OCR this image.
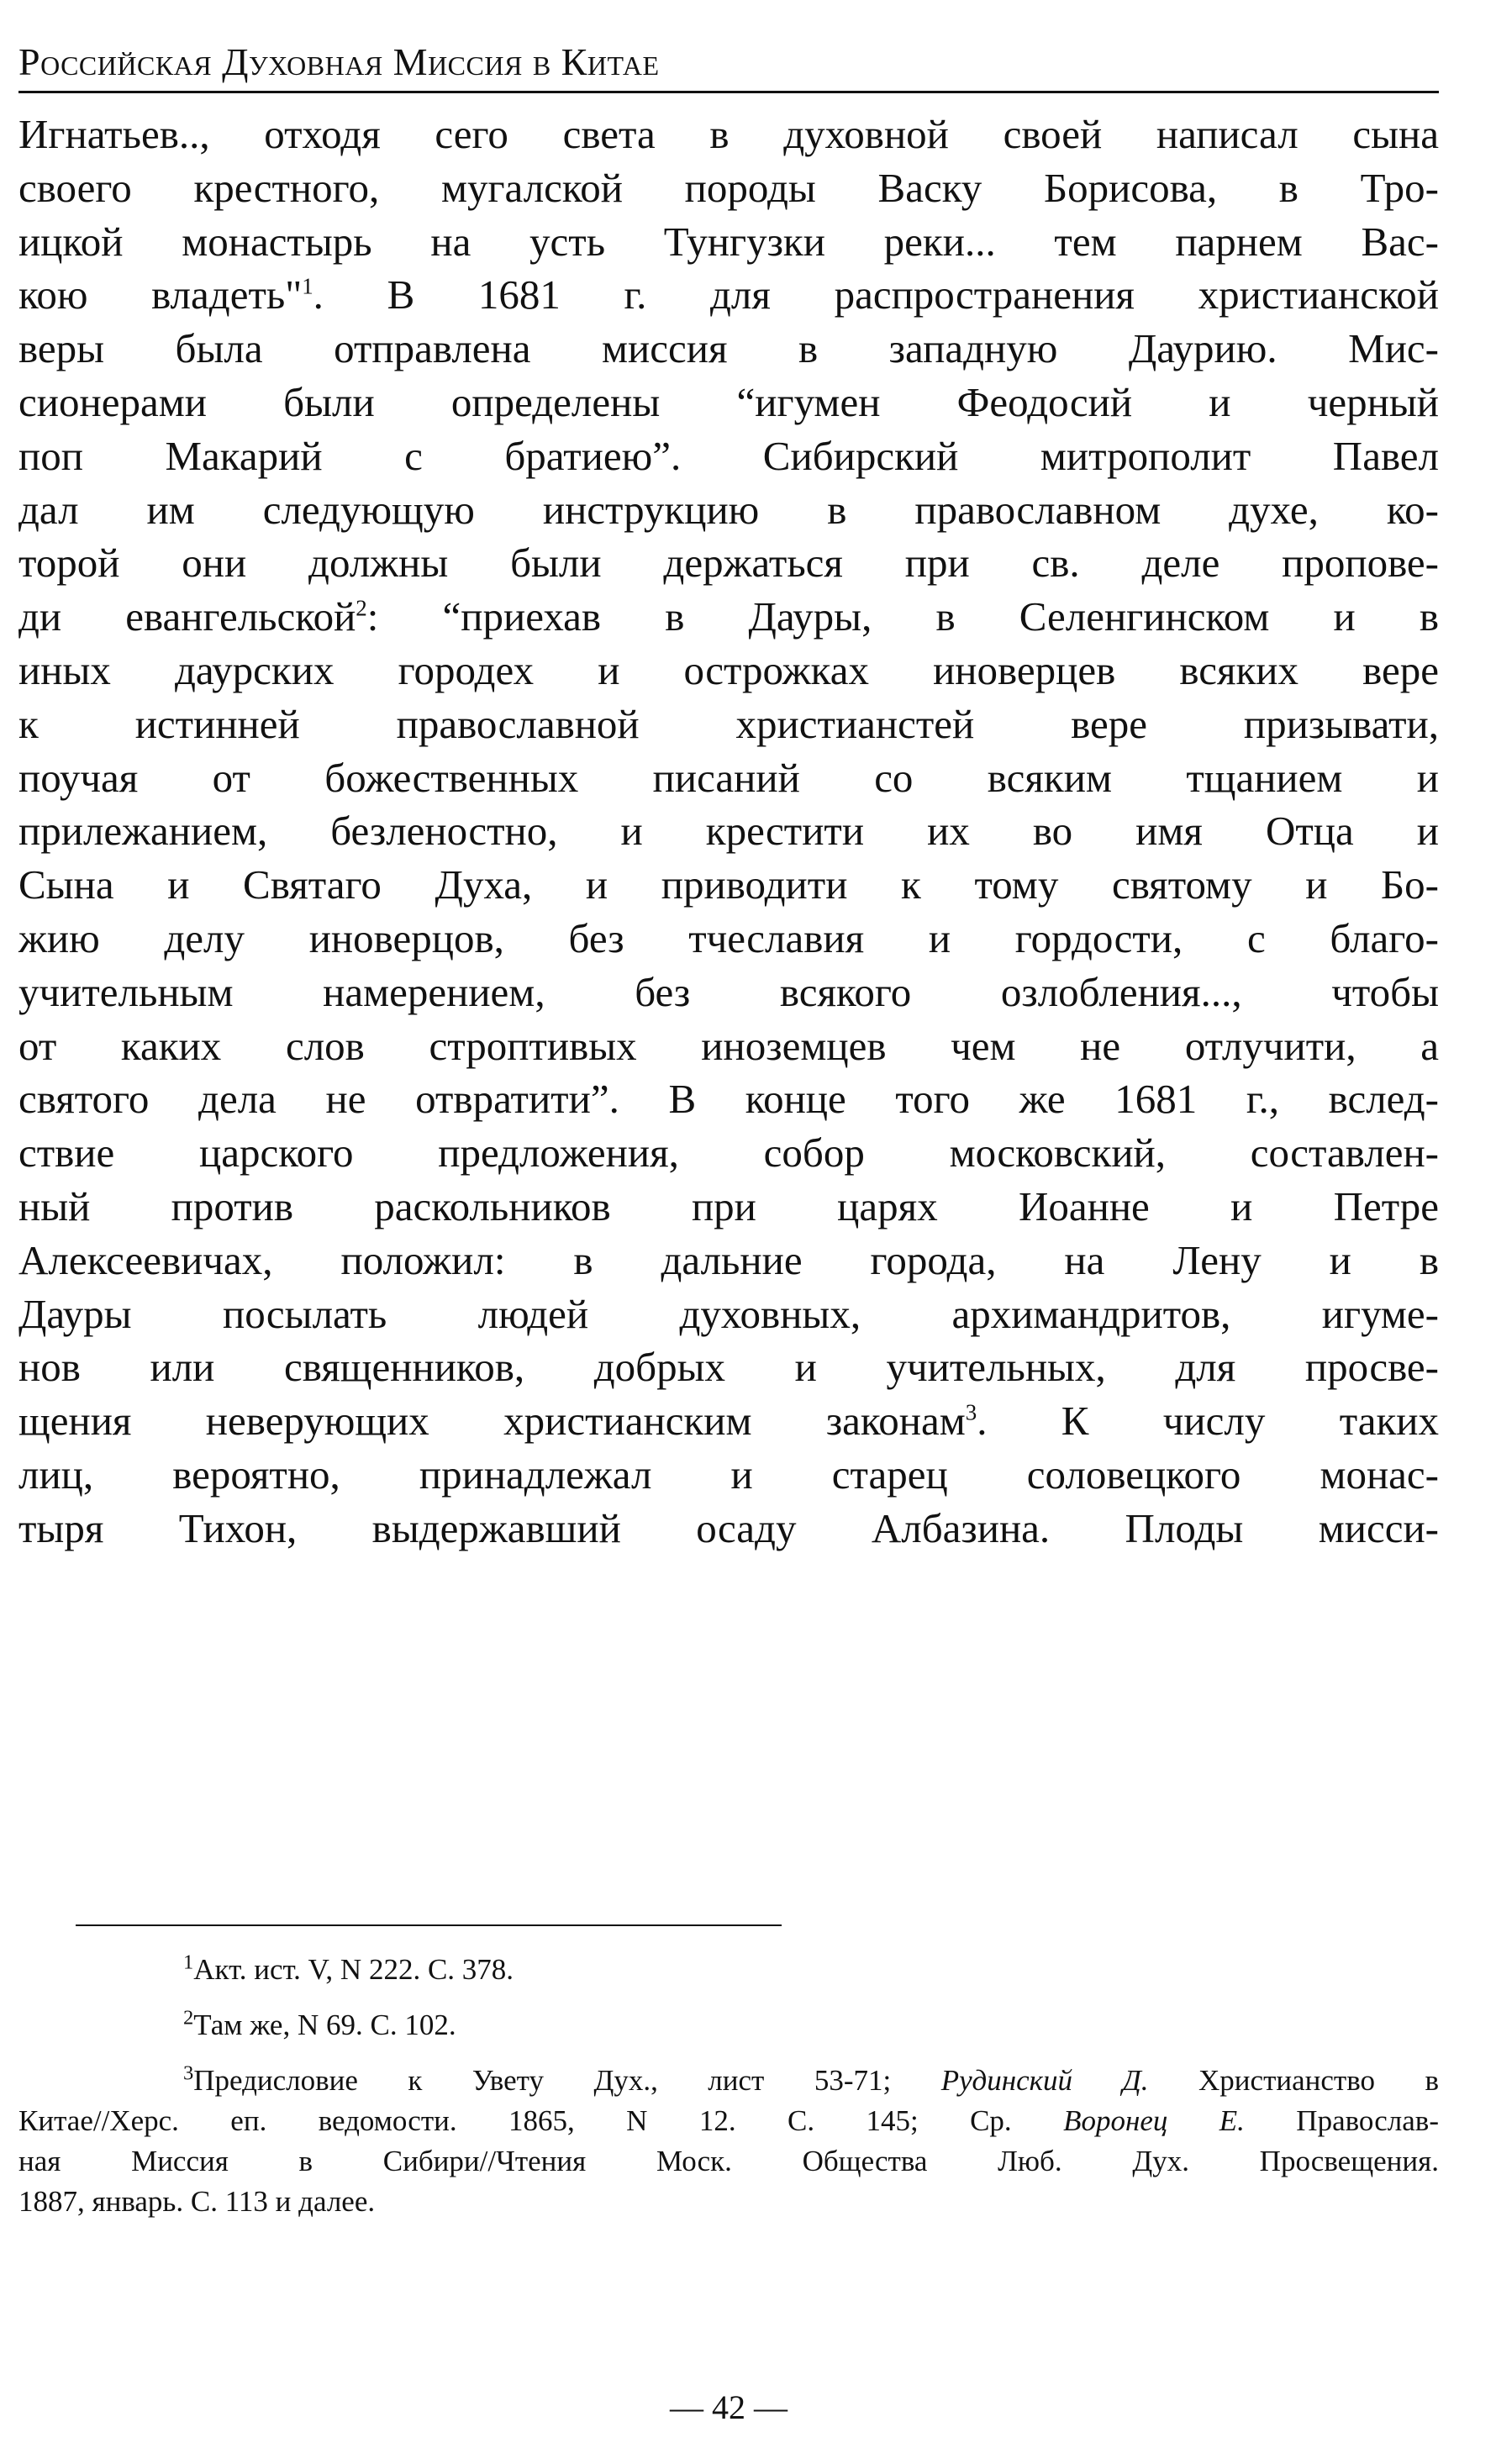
Российская Духовная Миссия в Китае
Игнатьев.., отходя сего света в духовной своей написал сына
своего крестного, мугалской породы Васку Борисова, в Тро-
ицкой монастырь на усть Тунгузки реки... тем парнем Вас-
кою владеть"$^1$. В 1681 г. для распространения христианской
веры была отправлена миссия в западную Даурию. Мис-
сионерами были определены “игумен Феодосий и черный
поп Макарий с братиею”. Сибирский митрополит Павел
дал им следующую инструкцию в православном духе, ко-
торой они должны были держаться при св. деле пропове-
ди евангельской$^2$: “приехав в Дауры, в Селенгинском и в
иных даурских городех и острожках иноверцев всяких вере
к истинней православной христианстей вере призывати,
поучая от божественных писаний со всяким тщанием и
прилежанием, безленостно, и крестити их во имя Отца и
Сына и Святаго Духа, и приводити к тому святому и Бо-
жию делу иноверцов, без тчеславия и гордости, с благо-
учительным намерением, без всякого озлобления..., чтобы
от каких слов строптивых иноземцев чем не отлучити, а
святого дела не отвратити”. В конце того же 1681 г., вслед-
ствие царского предложения, собор московский, составлен-
ный против раскольников при царях Иоанне и Петре
Алексеевичах, положил: в дальние города, на Лену и в
Дауры посылать людей духовных, архимандритов, игуме-
нов или священников, добрых и учительных, для просве-
щения неверующих христианским законам$^3$. К числу таких
лиц, вероятно, принадлежал и старец соловецкого монас-
тыря Тихон, выдержавший осаду Албазина. Плоды мисси-
$^1$Акт. ист. V, N 222. С. 378.
$^2$Там же, N 69. С. 102.
$^3$Предисловие к Увету Дух., лист 53-71; Рудинский Д. Христианство в
Китае//Херс. еп. ведомости. 1865, N 12. С. 145; Ср. Воронец Е. Православ-
ная Миссия в Сибири//Чтения Моск. Общества Люб. Дух. Просвещения.
1887, январь. С. 113 и далее.
— 42 —
